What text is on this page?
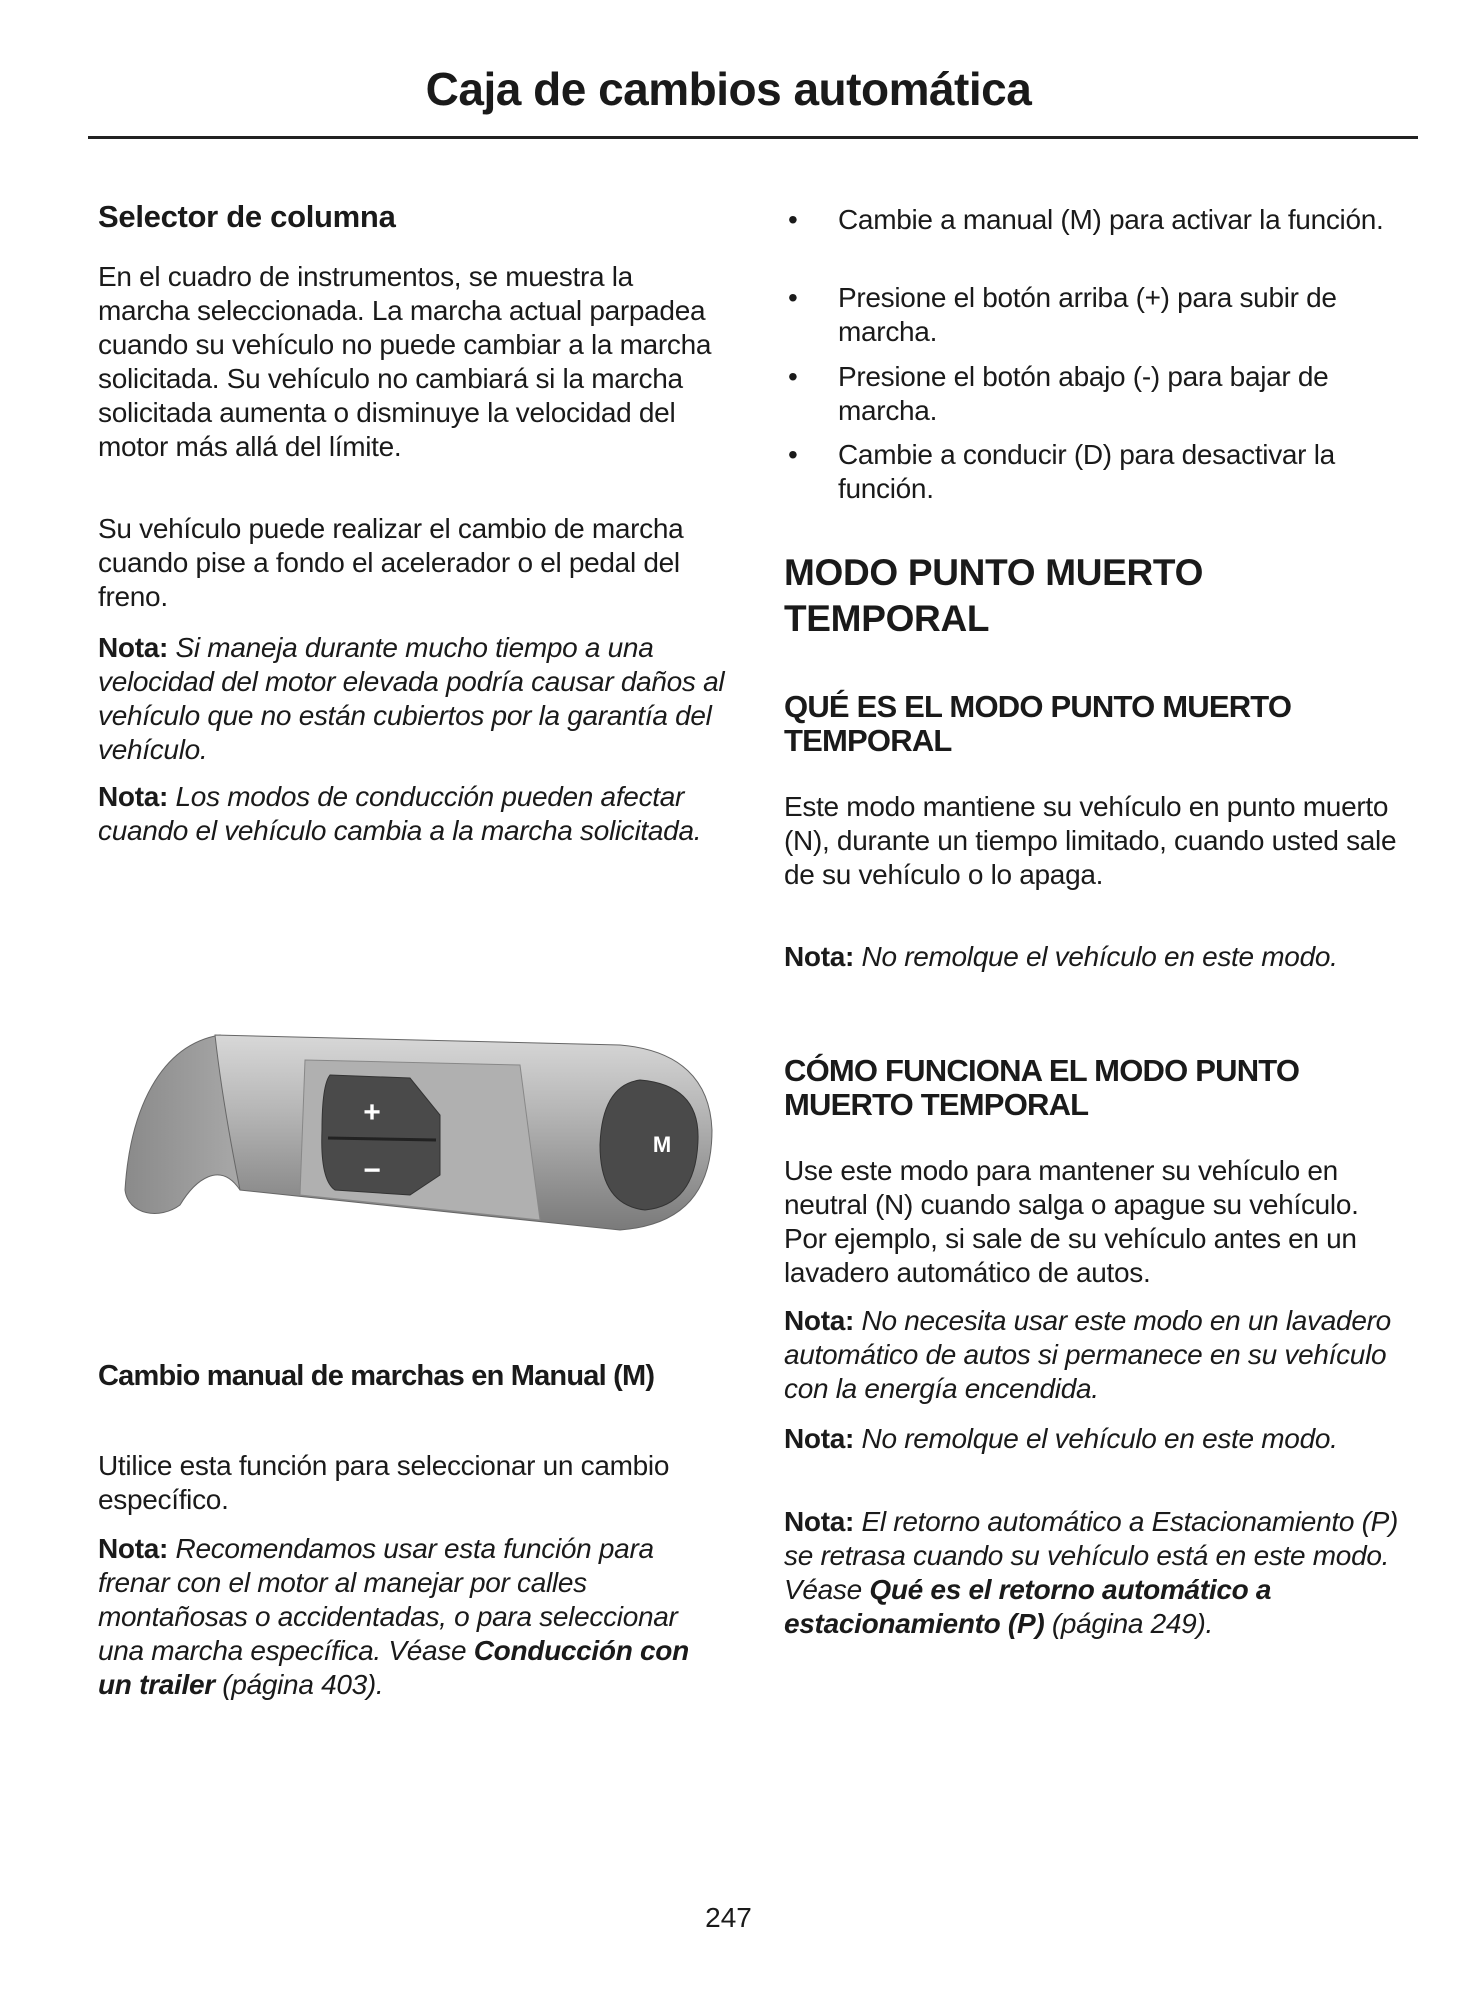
Caja de cambios automática
Selector de columna
En el cuadro de instrumentos, se muestra la marcha seleccionada. La marcha actual parpadea cuando su vehículo no puede cambiar a la marcha solicitada. Su vehículo no cambiará si la marcha solicitada aumenta o disminuye la velocidad del motor más allá del límite.
Su vehículo puede realizar el cambio de marcha cuando pise a fondo el acelerador o el pedal del freno.
Nota: Si maneja durante mucho tiempo a una velocidad del motor elevada podría causar daños al vehículo que no están cubiertos por la garantía del vehículo.
Nota: Los modos de conducción pueden afectar cuando el vehículo cambia a la marcha solicitada.
+
−
M
Cambio manual de marchas en Manual (M)
Utilice esta función para seleccionar un cambio específico.
Nota: Recomendamos usar esta función para frenar con el motor al manejar por calles montañosas o accidentadas, o para seleccionar una marcha específica. Véase Conducción con un trailer (página 403).
• Cambie a manual (M) para activar la función.
• Presione el botón arriba (+) para subir de marcha.
• Presione el botón abajo (-) para bajar de marcha.
• Cambie a conducir (D) para desactivar la función.
MODO PUNTO MUERTO TEMPORAL
QUÉ ES EL MODO PUNTO MUERTO TEMPORAL
Este modo mantiene su vehículo en punto muerto (N), durante un tiempo limitado, cuando usted sale de su vehículo o lo apaga.
Nota: No remolque el vehículo en este modo.
CÓMO FUNCIONA EL MODO PUNTO MUERTO TEMPORAL
Use este modo para mantener su vehículo en neutral (N) cuando salga o apague su vehículo. Por ejemplo, si sale de su vehículo antes en un lavadero automático de autos.
Nota: No necesita usar este modo en un lavadero automático de autos si permanece en su vehículo con la energía encendida.
Nota: No remolque el vehículo en este modo.
Nota: El retorno automático a Estacionamiento (P) se retrasa cuando su vehículo está en este modo. Véase Qué es el retorno automático a estacionamiento (P) (página 249).
247
